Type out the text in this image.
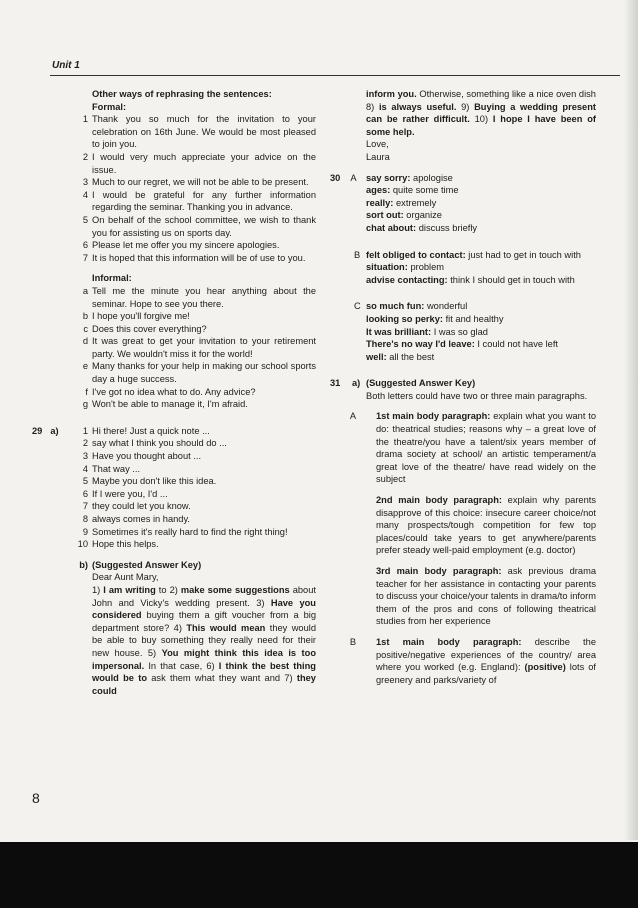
Unit 1
Other ways of rephrasing the sentences:
Formal:
1 Thank you so much for the invitation to your celebration on 16th June. We would be most pleased to join you.
2 I would very much appreciate your advice on the issue.
3 Much to our regret, we will not be able to be present.
4 I would be grateful for any further information regarding the seminar. Thanking you in advance.
5 On behalf of the school committee, we wish to thank you for assisting us on sports day.
6 Please let me offer you my sincere apologies.
7 It is hoped that this information will be of use to you.
Informal:
a Tell me the minute you hear anything about the seminar. Hope to see you there.
b I hope you'll forgive me!
c Does this cover everything?
d It was great to get your invitation to your retirement party. We wouldn't miss it for the world!
e Many thanks for your help in making our school sports day a huge success.
f I've got no idea what to do. Any advice?
g Won't be able to manage it, I'm afraid.
29 a)	1 Hi there! Just a quick note ...
2 say what I think you should do ...
3 Have you thought about ...
4 That way ...
5 Maybe you don't like this idea.
6 If I were you, I'd ...
7 they could let you know.
8 always comes in handy.
9 Sometimes it's really hard to find the right thing!
10 Hope this helps.
b) (Suggested Answer Key)
Dear Aunt Mary,

1) I am writing to 2) make some suggestions about John and Vicky's wedding present. 3) Have you considered buying them a gift voucher from a big department store? 4) This would mean they would be able to buy something they really need for their new house. 5) You might think this idea is too impersonal. In that case, 6) I think the best thing would be to ask them what they want and 7) they could

inform you. Otherwise, something like a nice oven dish 8) is always useful. 9) Buying a wedding present can be rather difficult. 10) I hope I have been of some help.

Love,
Laura
30 A	say sorry: apologise
ages: quite some time
really: extremely
sort out: organize
chat about: discuss briefly
B felt obliged to contact: just had to get in touch with
situation: problem
advise contacting: think I should get in touch with
C so much fun: wonderful
looking so perky: fit and healthy
It was brilliant: I was so glad
There's no way I'd leave: I could not have left
well: all the best
31	a) (Suggested Answer Key)

Both letters could have two or three main paragraphs.

A	1st main body paragraph: explain what you want to do: theatrical studies; reasons why – a great love of the theatre/you have a talent/six years member of drama society at school/ an artistic temperament/a great love of the theatre/ have read widely on the subject

2nd main body paragraph: explain why parents disapprove of this choice: insecure career choice/not many prospects/tough competition for few top places/could take years to get anywhere/parents prefer steady well-paid employment (e.g. doctor)

3rd main body paragraph: ask previous drama teacher for her assistance in contacting your parents to discuss your choice/your talents in drama/to inform them of the pros and cons of following theatrical studies from her experience

B	1st main body paragraph: describe the positive/negative experiences of the country/ area where you worked (e.g. England): (positive) lots of greenery and parks/variety of

8
